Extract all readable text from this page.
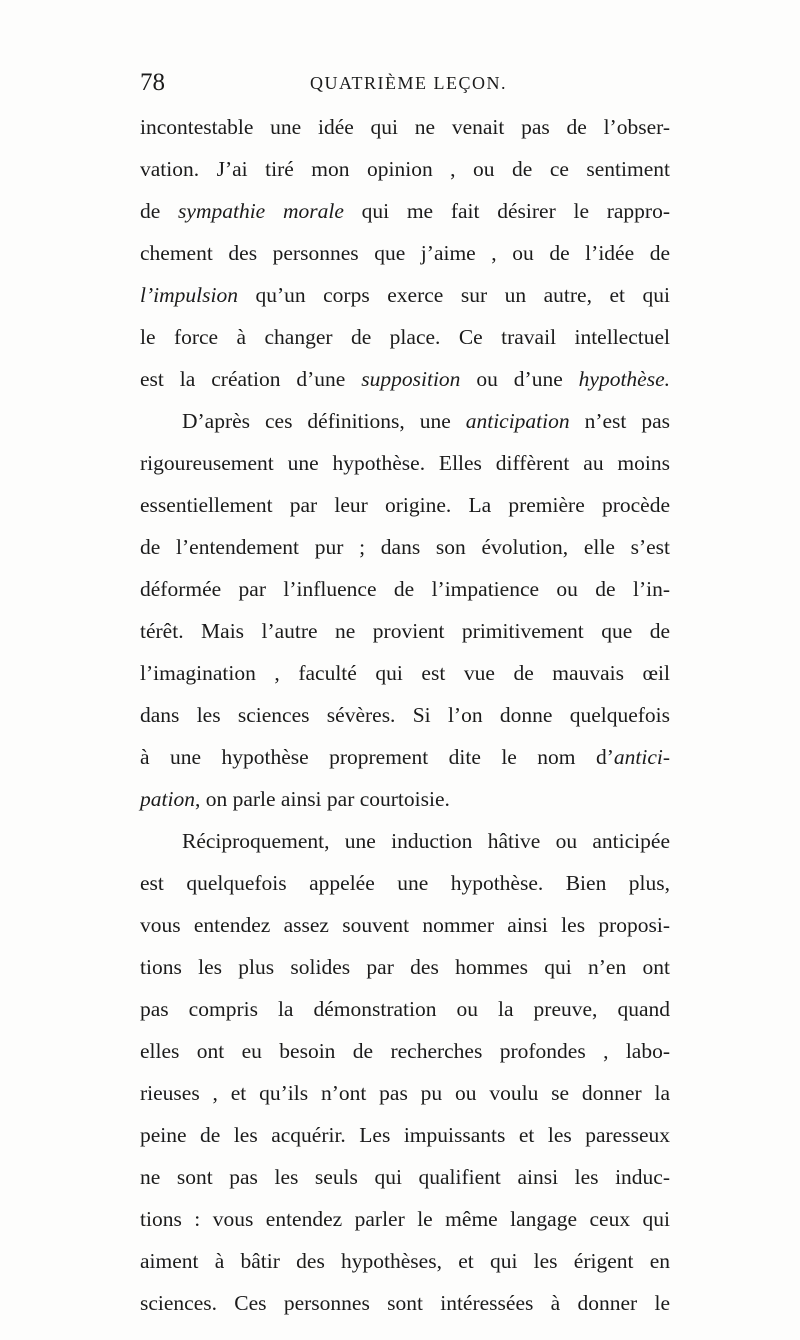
78	QUATRIÈME LEÇON.
incontestable une idée qui ne venait pas de l’obser-
vation. J’ai tiré mon opinion , ou de ce sentiment
de sympathie morale qui me fait désirer le rappro-
chement des personnes que j’aime , ou de l’idée de
l’impulsion qu’un corps exerce sur un autre, et qui
le force à changer de place. Ce travail intellectuel
est la création d’une supposition ou d’une hypothèse.
D’après ces définitions, une anticipation n’est pas
rigoureusement une hypothèse. Elles diffèrent au moins
essentiellement par leur origine. La première procède
de l’entendement pur ; dans son évolution, elle s’est
déformée par l’influence de l’impatience ou de l’in-
térêt. Mais l’autre ne provient primitivement que de
l’imagination , faculté qui est vue de mauvais œil
dans les sciences sévères. Si l’on donne quelquefois
à une hypothèse proprement dite le nom d’antici-
pation, on parle ainsi par courtoisie.
Réciproquement, une induction hâtive ou anticipée
est quelquefois appelée une hypothèse. Bien plus,
vous entendez assez souvent nommer ainsi les proposi-
tions les plus solides par des hommes qui n’en ont
pas compris la démonstration ou la preuve, quand
elles ont eu besoin de recherches profondes , labo-
rieuses , et qu’ils n’ont pas pu ou voulu se donner la
peine de les acquérir. Les impuissants et les paresseux
ne sont pas les seuls qui qualifient ainsi les induc-
tions : vous entendez parler le même langage ceux qui
aiment à bâtir des hypothèses, et qui les érigent en
sciences. Ces personnes sont intéressées à donner le
